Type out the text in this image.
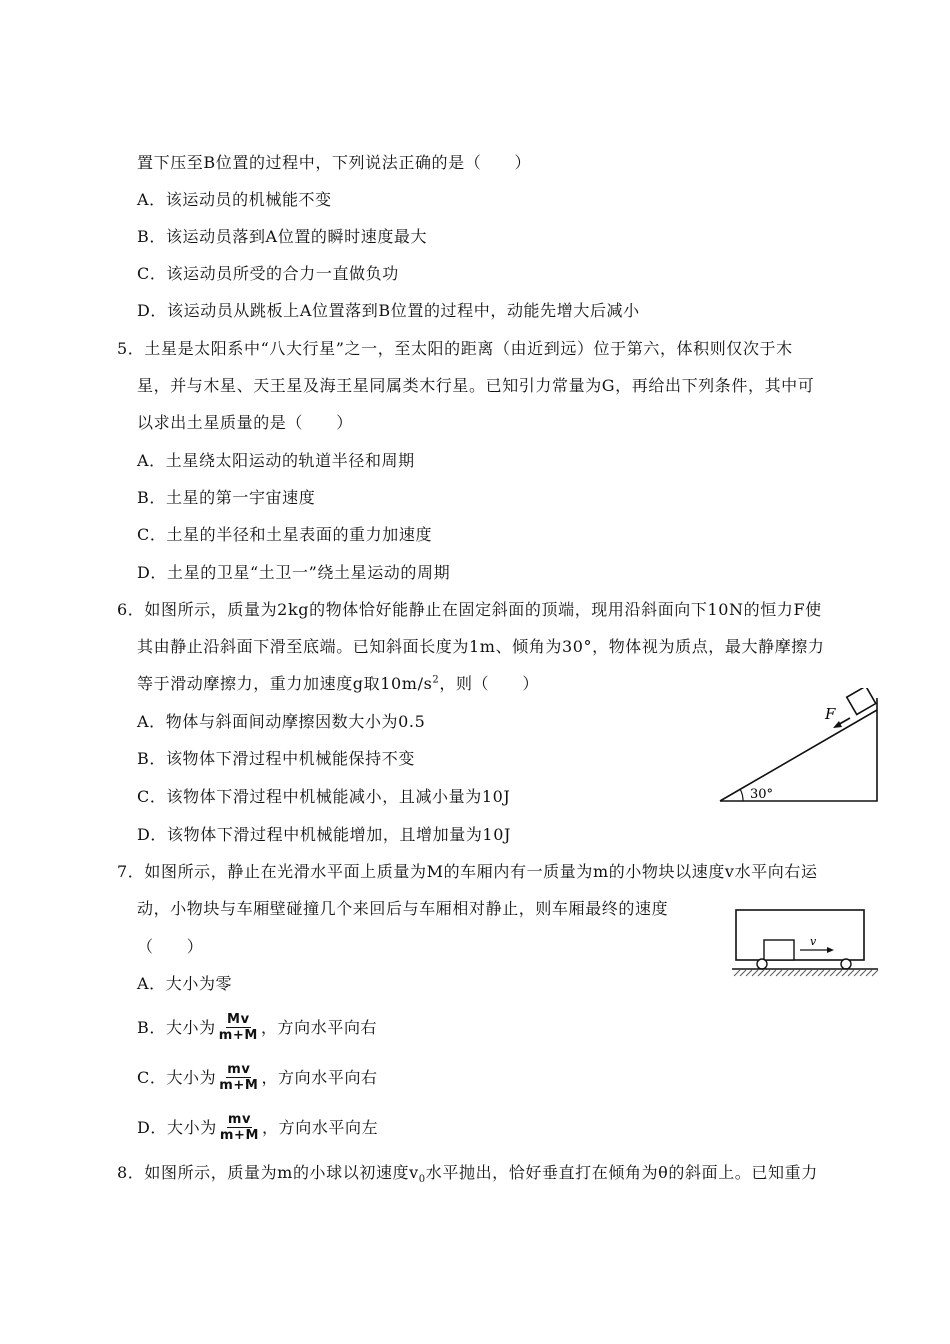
置下压至B位置的过程中，下列说法正确的是（　　）
A．该运动员的机械能不变
B．该运动员落到A位置的瞬时速度最大
C．该运动员所受的合力一直做负功
D．该运动员从跳板上A位置落到B位置的过程中，动能先增大后减小
5．土星是太阳系中“八大行星”之一，至太阳的距离（由近到远）位于第六，体积则仅次于木
星，并与木星、天王星及海王星同属类木行星。已知引力常量为G，再给出下列条件，其中可
以求出土星质量的是（　　）
A．土星绕太阳运动的轨道半径和周期
B．土星的第一宇宙速度
C．土星的半径和土星表面的重力加速度
D．土星的卫星“土卫一”绕土星运动的周期
6．如图所示，质量为2kg的物体恰好能静止在固定斜面的顶端，现用沿斜面向下10N的恒力F使
其由静止沿斜面下滑至底端。已知斜面长度为1m、倾角为30°，物体视为质点，最大静摩擦力
等于滑动摩擦力，重力加速度g取$10m/s^2$，则（　　）
A．物体与斜面间动摩擦因数大小为0.5
B．该物体下滑过程中机械能保持不变
C．该物体下滑过程中机械能减小，且减小量为10J
D．该物体下滑过程中机械能增加，且增加量为10J
F
30°
7．如图所示，静止在光滑水平面上质量为M的车厢内有一质量为m的小物块以速度v水平向右运
动，小物块与车厢壁碰撞几个来回后与车厢相对静止，则车厢最终的速度
（　　）
A．大小为零
B．大小为 $\frac{Mv}{m+M}$ ，方向水平向右
C．大小为 $\frac{mv}{m+M}$ ，方向水平向右
D．大小为 $\frac{mv}{m+M}$ ，方向水平向左
v
8．如图所示，质量为m的小球以初速度$v_0$水平抛出，恰好垂直打在倾角为θ的斜面上。已知重力
